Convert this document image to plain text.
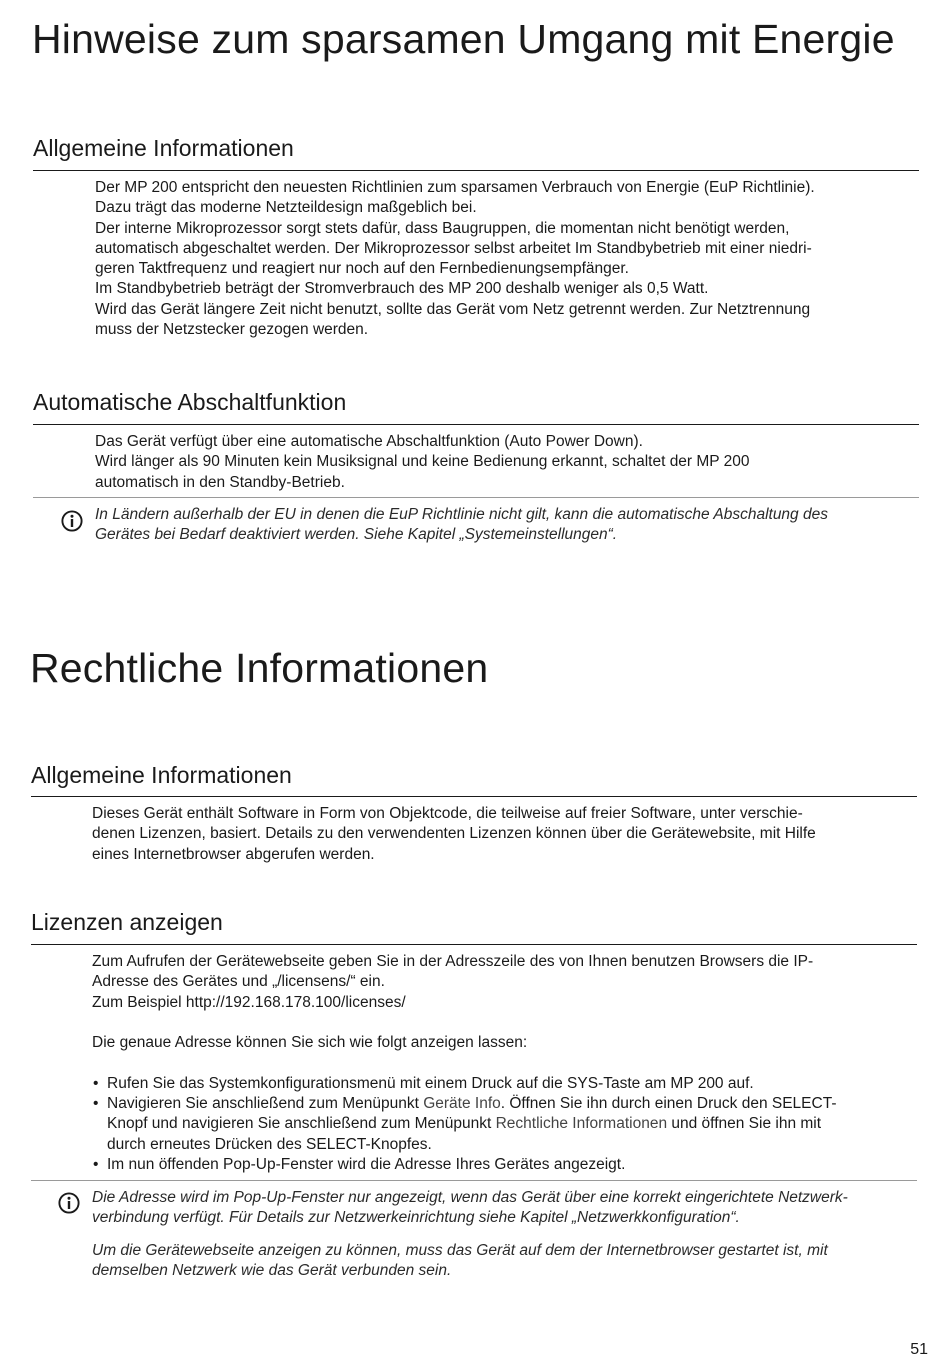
Hinweise zum sparsamen Umgang mit Energie
Allgemeine Informationen

Der MP 200 entspricht den neuesten Richtlinien zum sparsamen Verbrauch von Energie (EuP Richtlinie).

Dazu trägt das moderne Netzteildesign maßgeblich bei.

Der interne Mikroprozessor sorgt stets dafür, dass Baugruppen, die momentan nicht benötigt werden,

automatisch abgeschaltet werden. Der Mikroprozessor selbst arbeitet Im Standbybetrieb mit einer niedri-

geren Taktfrequenz und reagiert nur noch auf den Fernbedienungsempfänger.

Im Standbybetrieb beträgt der Stromverbrauch des MP 200 deshalb weniger als 0,5 Watt.

Wird das Gerät längere Zeit nicht benutzt, sollte das Gerät vom Netz getrennt werden. Zur Netztrennung

muss der Netzstecker gezogen werden.

Automatische Abschaltfunktion

Das Gerät verfügt über eine automatische Abschaltfunktion (Auto Power Down).

Wird länger als 90 Minuten kein Musiksignal und keine Bedienung erkannt, schaltet der MP 200

automatisch in den Standby-Betrieb.

In Ländern außerhalb der EU in denen die EuP Richtlinie nicht gilt, kann die automatische Abschaltung des

Gerätes bei Bedarf deaktiviert werden. Siehe Kapitel „Systemeinstellungen“.

Rechtliche Informationen
Allgemeine Informationen

Dieses Gerät enthält Software in Form von Objektcode, die teilweise auf freier Software, unter verschie-

denen Lizenzen, basiert. Details zu den verwendenten Lizenzen können über die Gerätewebsite, mit Hilfe

eines Internetbrowser abgerufen werden.

Lizenzen anzeigen

Zum Aufrufen der Gerätewebseite geben Sie in der Adresszeile des von Ihnen benutzen Browsers die IP-

Adresse des Gerätes und „/licensens/“ ein.

Zum Beispiel http://192.168.178.100/licenses/

Die genaue Adresse können Sie sich wie folgt anzeigen lassen:

• Rufen Sie das Systemkonfigurationsmenü mit einem Druck auf die SYS-Taste am MP 200 auf.
• Navigieren Sie anschließend zum Menüpunkt Geräte Info. Öffnen Sie ihn durch einen Druck den SELECT-
Knopf und navigieren Sie anschließend zum Menüpunkt Rechtliche Informationen und öffnen Sie ihn mit
durch erneutes Drücken des SELECT-Knopfes.
• Im nun öffenden Pop-Up-Fenster wird die Adresse Ihres Gerätes angezeigt.

Die Adresse wird im Pop-Up-Fenster nur angezeigt, wenn das Gerät über eine korrekt eingerichtete Netzwerk-

verbindung verfügt. Für Details zur Netzwerkeinrichtung siehe Kapitel „Netzwerkkonfiguration“.

Um die Gerätewebseite anzeigen zu können, muss das Gerät auf dem der Internetbrowser gestartet ist, mit

demselben Netzwerk wie das Gerät verbunden sein.

51
